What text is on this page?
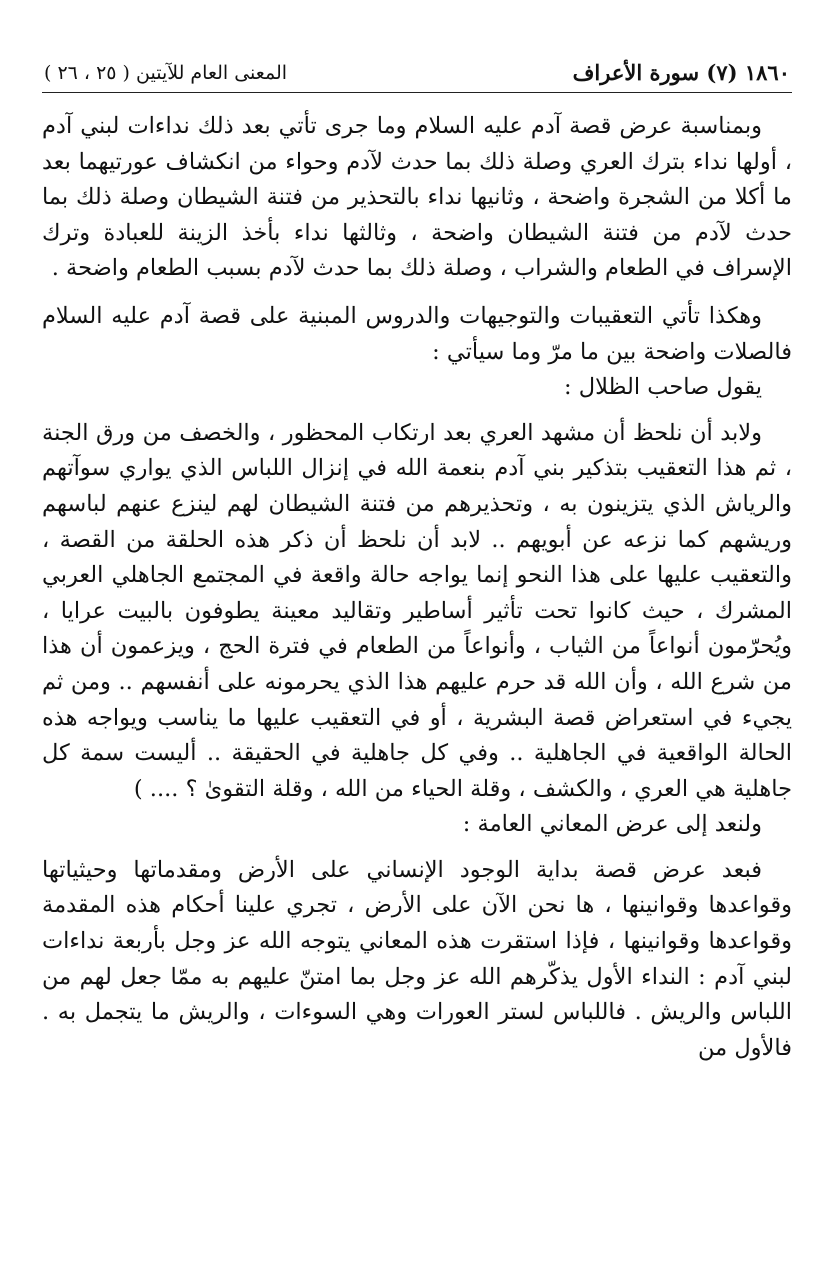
١٨٦٠ (٧) سورة الأعراف
المعنى العام للآيتين ( ٢٥ ، ٢٦ )

وبمناسبة عرض قصة آدم عليه السلام وما جرى تأتي بعد ذلك نداءات لبني آدم ، أولها نداء بترك العري وصلة ذلك بما حدث لآدم وحواء من انكشاف عورتيهما بعد ما أكلا من الشجرة واضحة ، وثانيها نداء بالتحذير من فتنة الشيطان وصلة ذلك بما حدث لآدم من فتنة الشيطان واضحة ، وثالثها نداء بأخذ الزينة للعبادة وترك الإسراف في الطعام والشراب ، وصلة ذلك بما حدث لآدم بسبب الطعام واضحة .

وهكذا تأتي التعقيبات والتوجيهات والدروس المبنية على قصة آدم عليه السلام فالصلات واضحة بين ما مرّ وما سيأتي :

يقول صاحب الظلال :

ولابد أن نلحظ أن مشهد العري بعد ارتكاب المحظور ، والخصف من ورق الجنة ، ثم هذا التعقيب بتذكير بني آدم بنعمة الله في إنزال اللباس الذي يواري سوآتهم والرياش الذي يتزينون به ، وتحذيرهم من فتنة الشيطان لهم لينزع عنهم لباسهم وريشهم كما نزعه عن أبويهم .. لابد أن نلحظ أن ذكر هذه الحلقة من القصة ، والتعقيب عليها على هذا النحو إنما يواجه حالة واقعة في المجتمع الجاهلي العربي المشرك ، حيث كانوا تحت تأثير أساطير وتقاليد معينة يطوفون بالبيت عرايا ، ويُحرّمون أنواعاً من الثياب ، وأنواعاً من الطعام في فترة الحج ، ويزعمون أن هذا من شرع الله ، وأن الله قد حرم عليهم هذا الذي يحرمونه على أنفسهم .. ومن ثم يجيء في استعراض قصة البشرية ، أو في التعقيب عليها ما يناسب ويواجه هذه الحالة الواقعية في الجاهلية .. وفي كل جاهلية في الحقيقة .. أليست سمة كل جاهلية هي العري ، والكشف ، وقلة الحياء من الله ، وقلة التقوىٰ ؟ .... )

ولنعد إلى عرض المعاني العامة :

فبعد عرض قصة بداية الوجود الإنساني على الأرض ومقدماتها وحيثياتها وقواعدها وقوانينها ، ها نحن الآن على الأرض ، تجري علينا أحكام هذه المقدمة وقواعدها وقوانينها ، فإذا استقرت هذه المعاني يتوجه الله عز وجل بأربعة نداءات لبني آدم : النداء الأول يذكّرهم الله عز وجل بما امتنّ عليهم به ممّا جعل لهم من اللباس والريش . فاللباس لستر العورات وهي السوءات ، والريش ما يتجمل به . فالأول من
